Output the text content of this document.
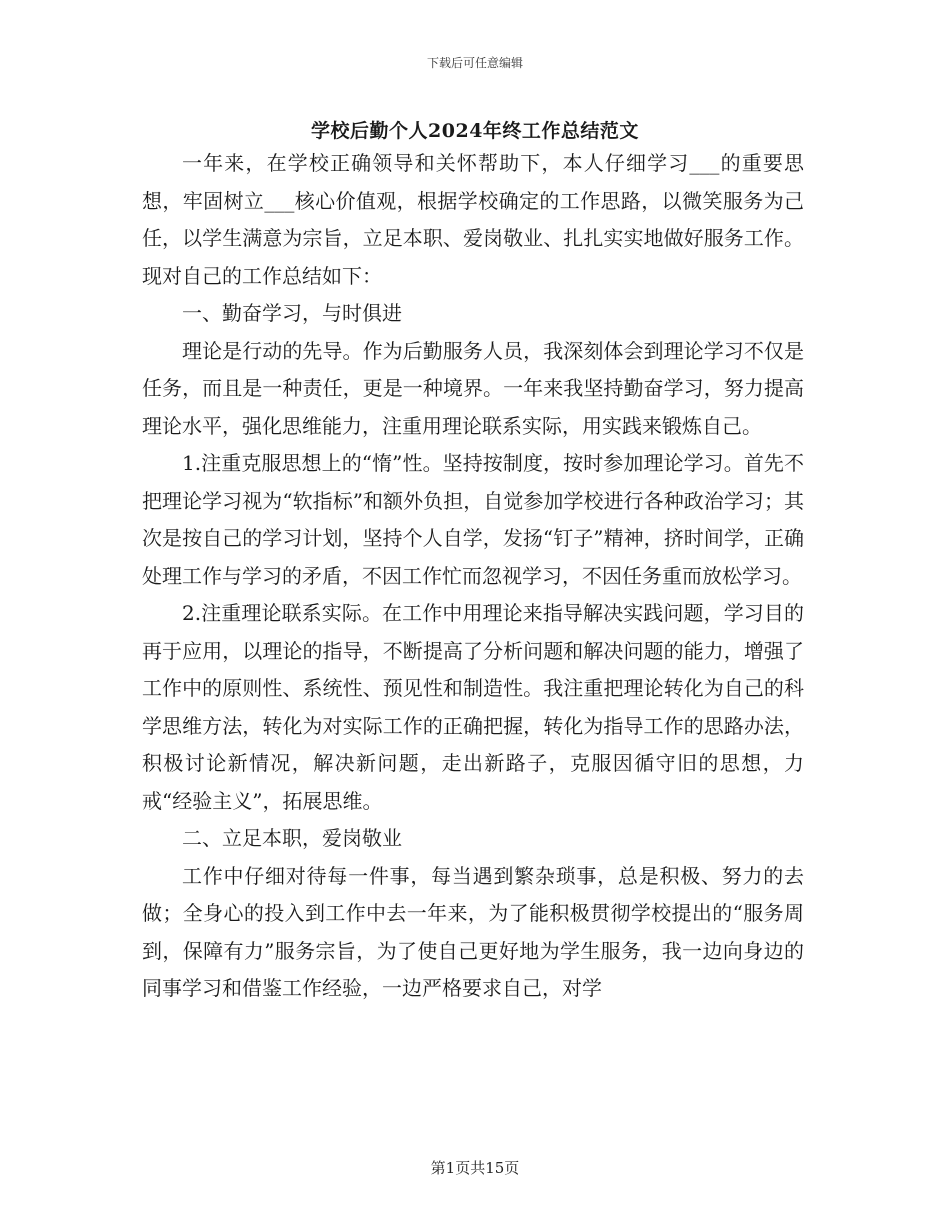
下载后可任意编辑
学校后勤个人2024年终工作总结范文

一年来，在学校正确领导和关怀帮助下，本人仔细学习___的重要思想，牢固树立___核心价值观，根据学校确定的工作思路，以微笑服务为己任，以学生满意为宗旨，立足本职、爱岗敬业、扎扎实实地做好服务工作。现对自己的工作总结如下：

一、勤奋学习，与时俱进

理论是行动的先导。作为后勤服务人员，我深刻体会到理论学习不仅是任务，而且是一种责任，更是一种境界。一年来我坚持勤奋学习，努力提高理论水平，强化思维能力，注重用理论联系实际，用实践来锻炼自己。

1.注重克服思想上的“惰”性。坚持按制度，按时参加理论学习。首先不把理论学习视为“软指标”和额外负担，自觉参加学校进行各种政治学习；其次是按自己的学习计划，坚持个人自学，发扬“钉子”精神，挤时间学，正确处理工作与学习的矛盾，不因工作忙而忽视学习，不因任务重而放松学习。

2.注重理论联系实际。在工作中用理论来指导解决实践问题，学习目的再于应用，以理论的指导，不断提高了分析问题和解决问题的能力，增强了工作中的原则性、系统性、预见性和制造性。我注重把理论转化为自己的科学思维方法，转化为对实际工作的正确把握，转化为指导工作的思路办法，积极讨论新情况，解决新问题，走出新路子，克服因循守旧的思想，力戒“经验主义”，拓展思维。

二、立足本职，爱岗敬业

工作中仔细对待每一件事，每当遇到繁杂琐事，总是积极、努力的去做；全身心的投入到工作中去一年来，为了能积极贯彻学校提出的“服务周到，保障有力”服务宗旨，为了使自己更好地为学生服务，我一边向身边的同事学习和借鉴工作经验，一边严格要求自己，对学

第1页共15页
